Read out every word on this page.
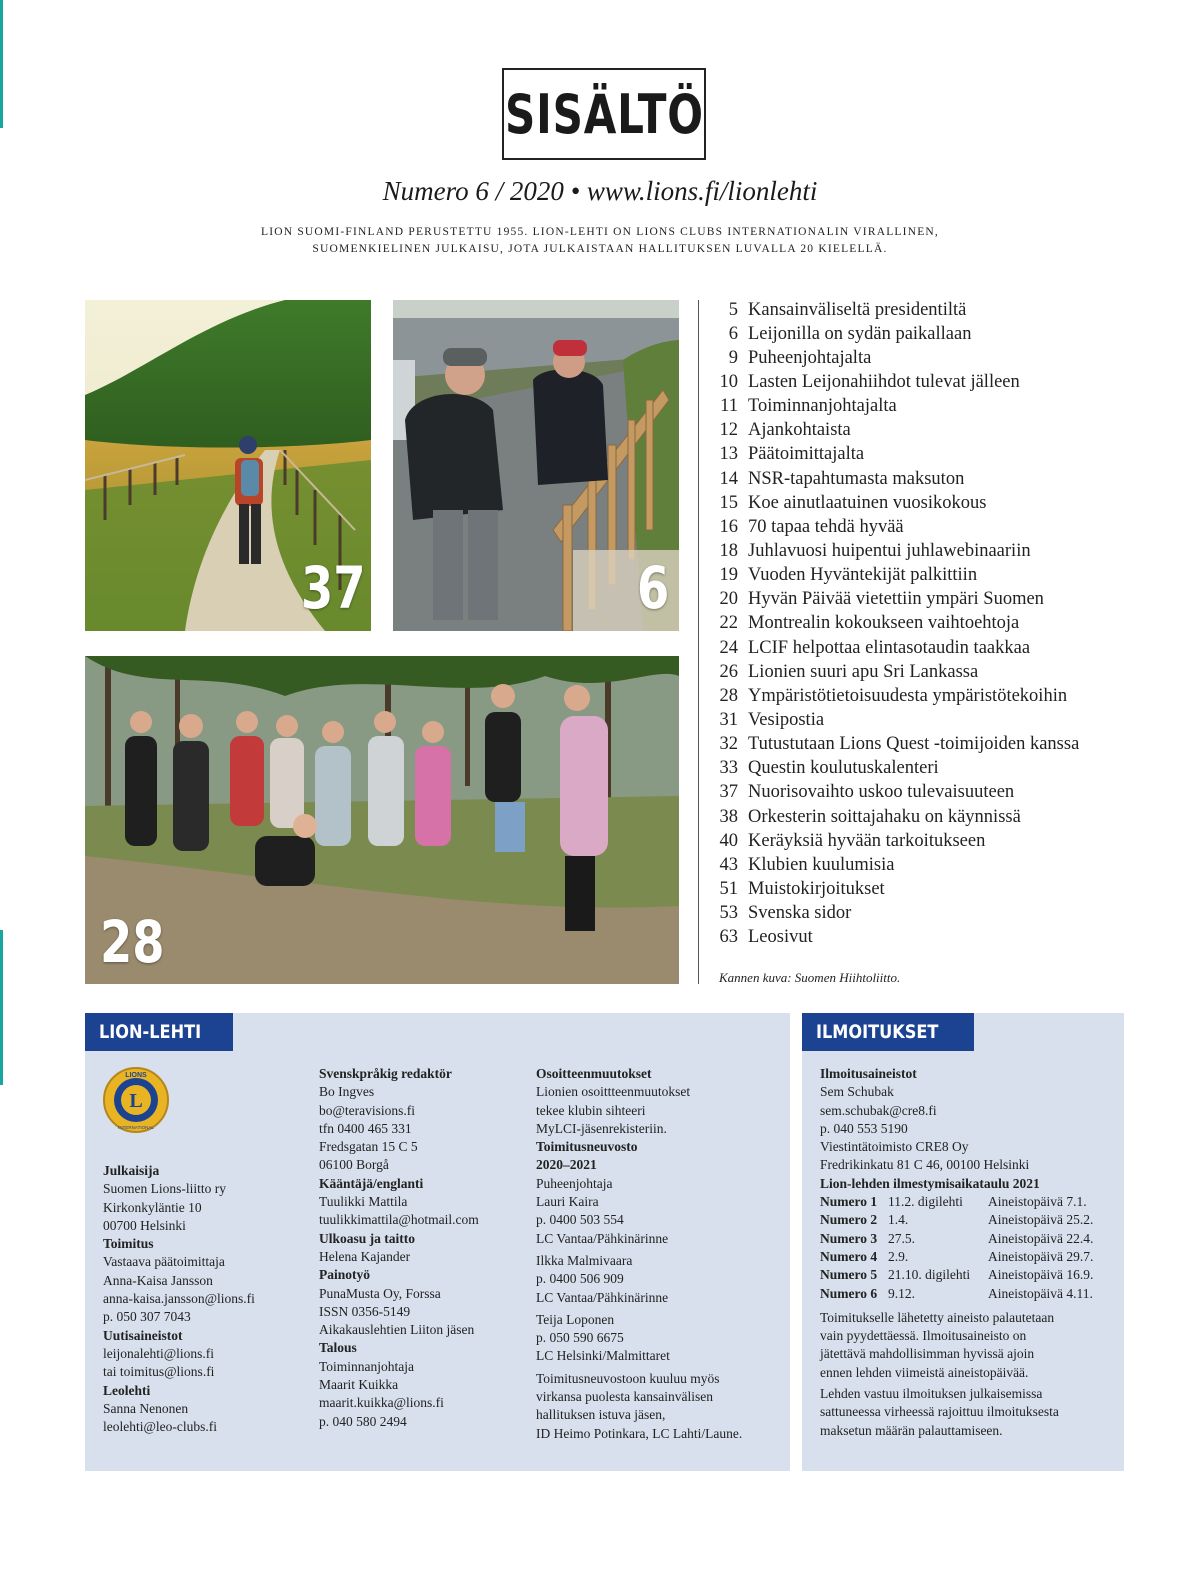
SISÄLTÖ
Numero 6 / 2020 • www.lions.fi/lionlehti
LION SUOMI-FINLAND PERUSTETTU 1955. LION-LEHTI ON LIONS CLUBS INTERNATIONALIN VIRALLINEN,
SUOMENKIELINEN JULKAISU, JOTA JULKAISTAAN HALLITUKSEN LUVALLA 20 KIELELLÄ.
37	6
28
5 Kansainväliseltä presidentiltä
6 Leijonilla on sydän paikallaan
9 Puheenjohtajalta
10 Lasten Leijonahiihdot tulevat jälleen
11 Toiminnanjohtajalta
12 Ajankohtaista
13 Päätoimittajalta
14 NSR-tapahtumasta maksuton
15 Koe ainutlaatuinen vuosikokous
16 70 tapaa tehdä hyvää
18 Juhlavuosi huipentui juhlawebinaariin
19 Vuoden Hyväntekijät palkittiin
20 Hyvän Päivää vietettiin ympäri Suomen
22 Montrealin kokoukseen vaihtoehtoja
24 LCIF helpottaa elintasotaudin taakkaa
26 Lionien suuri apu Sri Lankassa
28 Ympäristötietoisuudesta ympäristötekoihin
31 Vesipostia
32 Tutustutaan Lions Quest -toimijoiden kanssa
33 Questin koulutuskalenteri
37 Nuorisovaihto uskoo tulevaisuuteen
38 Orkesterin soittajahaku on käynnissä
40 Keräyksiä hyvään tarkoitukseen
43 Klubien kuulumisia
51 Muistokirjoitukset
53 Svenska sidor
63 Leosivut
Kannen kuva: Suomen Hiihtoliitto.
LION-LEHTI
L
LIONS
INTERNATIONAL
Julkaisija
Suomen Lions-liitto ry
Kirkonkyläntie 10
00700 Helsinki
Toimitus
Vastaava päätoimittaja
Anna-Kaisa Jansson
anna-kaisa.jansson@lions.fi
p. 050 307 7043
Uutisaineistot
leijonalehti@lions.fi
tai toimitus@lions.fi
Leolehti
Sanna Nenonen
leolehti@leo-clubs.fi
Svenskpråkig redaktör
Bo Ingves
bo@teravisions.fi
tfn 0400 465 331
Fredsgatan 15 C 5
06100 Borgå
Kääntäjä/englanti
Tuulikki Mattila
tuulikkimattila@hotmail.com
Ulkoasu ja taitto
Helena Kajander
Painotyö
PunaMusta Oy, Forssa
ISSN 0356-5149
Aikakauslehtien Liiton jäsen
Talous
Toiminnanjohtaja
Maarit Kuikka
maarit.kuikka@lions.fi
p. 040 580 2494
Osoitteenmuutokset
Lionien osoittteenmuutokset
tekee klubin sihteeri
MyLCI-jäsenrekisteriin.
Toimitusneuvosto
2020–2021
Puheenjohtaja
Lauri Kaira
p. 0400 503 554
LC Vantaa/Pähkinärinne
Ilkka Malmivaara
p. 0400 506 909
LC Vantaa/Pähkinärinne
Teija Loponen
p. 050 590 6675
LC Helsinki/Malmittaret
Toimitusneuvostoon kuuluu myös
virkansa puolesta kansainvälisen
hallituksen istuva jäsen,
ID Heimo Potinkara, LC Lahti/Laune.
ILMOITUKSET
Ilmoitusaineistot
Sem Schubak
sem.schubak@cre8.fi
p. 040 553 5190
Viestintätoimisto CRE8 Oy
Fredrikinkatu 81 C 46, 00100 Helsinki
Lion-lehden ilmestymisaikataulu 2021
Numero 1	11.2. digilehti	Aineistopäivä 7.1.
Numero 2	1.4.	Aineistopäivä 25.2.
Numero 3	27.5.	Aineistopäivä 22.4.
Numero 4	2.9.	Aineistopäivä 29.7.
Numero 5	21.10. digilehti	Aineistopäivä 16.9.
Numero 6	9.12.	Aineistopäivä 4.11.
Toimitukselle lähetetty aineisto palautetaan
vain pyydettäessä. Ilmoitusaineisto on
jätettävä mahdollisimman hyvissä ajoin
ennen lehden viimeistä aineistopäivää.
Lehden vastuu ilmoituksen julkaisemissa
sattuneessa virheessä rajoittuu ilmoituksesta
maksetun määrän palauttamiseen.
